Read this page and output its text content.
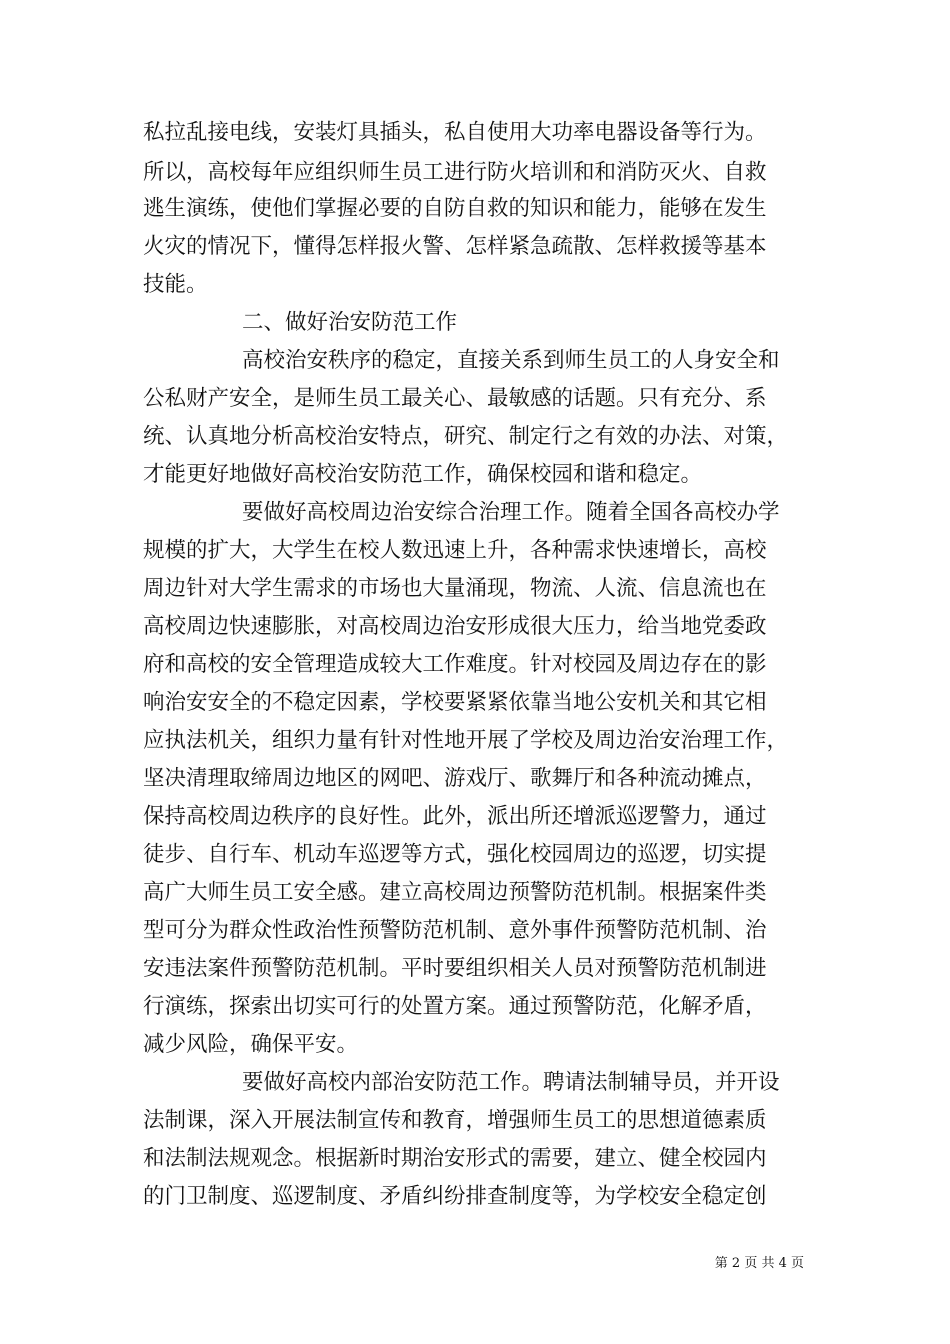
私拉乱接电线，安装灯具插头，私自使用大功率电器设备等行为。
所以，高校每年应组织师生员工进行防火培训和和消防灭火、自救
逃生演练，使他们掌握必要的自防自救的知识和能力，能够在发生
火灾的情况下，懂得怎样报火警、怎样紧急疏散、怎样救援等基本
技能。
二、做好治安防范工作
高校治安秩序的稳定，直接关系到师生员工的人身安全和
公私财产安全，是师生员工最关心、最敏感的话题。只有充分、系
统、认真地分析高校治安特点，研究、制定行之有效的办法、对策，
才能更好地做好高校治安防范工作，确保校园和谐和稳定。
要做好高校周边治安综合治理工作。随着全国各高校办学
规模的扩大，大学生在校人数迅速上升，各种需求快速增长，高校
周边针对大学生需求的市场也大量涌现，物流、人流、信息流也在
高校周边快速膨胀，对高校周边治安形成很大压力，给当地党委政
府和高校的安全管理造成较大工作难度。针对校园及周边存在的影
响治安安全的不稳定因素，学校要紧紧依靠当地公安机关和其它相
应执法机关，组织力量有针对性地开展了学校及周边治安治理工作，
坚决清理取缔周边地区的网吧、游戏厅、歌舞厅和各种流动摊点，
保持高校周边秩序的良好性。此外，派出所还增派巡逻警力，通过
徒步、自行车、机动车巡逻等方式，强化校园周边的巡逻，切实提
高广大师生员工安全感。建立高校周边预警防范机制。根据案件类
型可分为群众性政治性预警防范机制、意外事件预警防范机制、治
安违法案件预警防范机制。平时要组织相关人员对预警防范机制进
行演练，探索出切实可行的处置方案。通过预警防范，化解矛盾，
减少风险，确保平安。
要做好高校内部治安防范工作。聘请法制辅导员，并开设
法制课，深入开展法制宣传和教育，增强师生员工的思想道德素质
和法制法规观念。根据新时期治安形式的需要，建立、健全校园内
的门卫制度、巡逻制度、矛盾纠纷排查制度等，为学校安全稳定创
第 2 页 共 4 页
